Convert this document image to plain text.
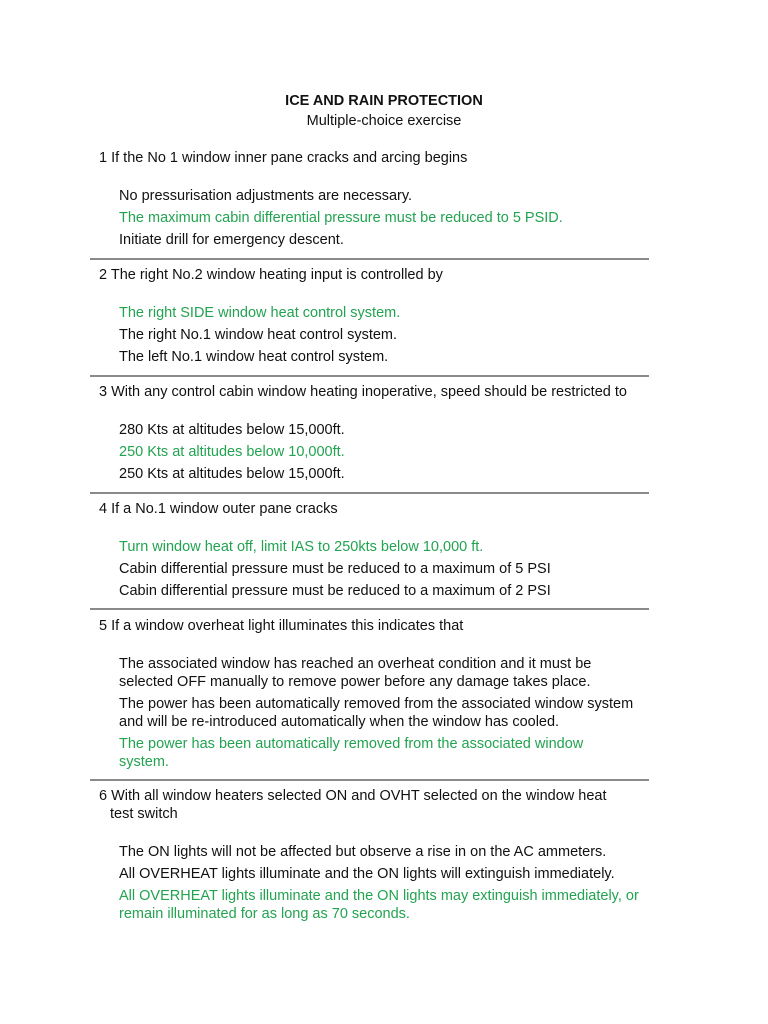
ICE AND RAIN PROTECTION
Multiple-choice exercise
1 If the No 1 window inner pane cracks and arcing begins
No pressurisation adjustments are necessary.
The maximum cabin differential pressure must be reduced to 5 PSID.
Initiate drill for emergency descent.
2 The right No.2 window heating input is controlled by
The right SIDE window heat control system.
The right No.1 window heat control system.
The left No.1 window heat control system.
3 With any control cabin window heating inoperative, speed should be restricted to
280 Kts at altitudes below 15,000ft.
250 Kts at altitudes below 10,000ft.
250 Kts at altitudes below 15,000ft.
4 If a No.1 window outer pane cracks
Turn window heat off, limit IAS to 250kts below 10,000 ft.
Cabin differential pressure must be reduced to a maximum of 5 PSI
Cabin differential pressure must be reduced to a maximum of 2 PSI
5 If a window overheat light illuminates this indicates that
The associated window has reached an overheat condition and it must be selected OFF manually to remove power before any damage takes place.
The power has been automatically removed from the associated window system and will be re-introduced automatically when the window has cooled.
The power has been automatically removed from the associated window system.
6 With all window heaters selected ON and OVHT selected on the window heat
test switch
The ON lights will not be affected but observe a rise in on the AC ammeters.
All OVERHEAT lights illuminate and the ON lights will extinguish immediately.
All OVERHEAT lights illuminate and the ON lights may extinguish immediately, or remain illuminated for as long as 70 seconds.
